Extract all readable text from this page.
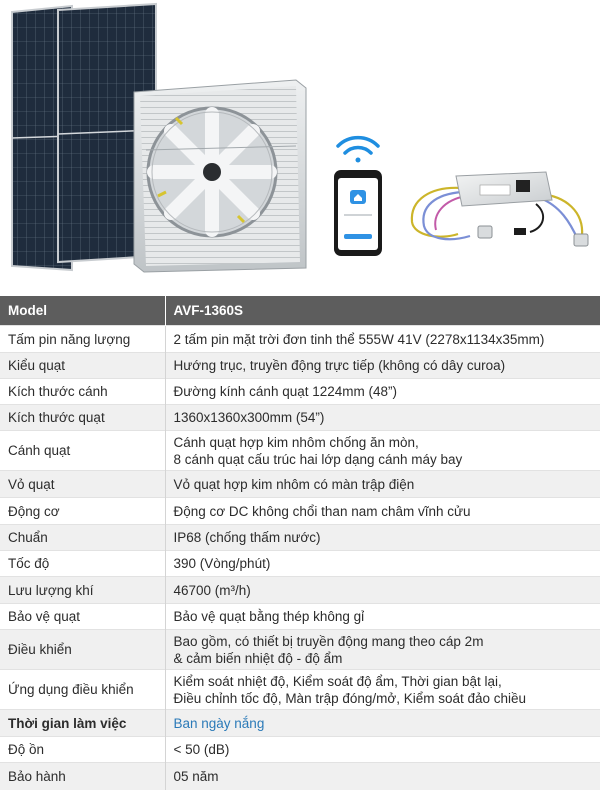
Model	AVF-1360S
Tấm pin năng lượng	2 tấm pin mặt trời đơn tinh thể 555W 41V (2278x1134x35mm)

Kiểu quạt	Hướng trục, truyền động trực tiếp (không có dây curoa)

Kích thước cánh	Đường kính cánh quạt 1224mm (48”)

Kích thước quạt	1360x1360x300mm (54”)

Cánh quạt	Cánh quạt hợp kim nhôm chống ăn mòn,
8 cánh quạt cấu trúc hai lớp dạng cánh máy bay

Vỏ quạt	Vỏ quạt hợp kim nhôm có màn trập điện

Động cơ	Động cơ DC không chổi than nam châm vĩnh cửu

Chuẩn	IP68 (chống thấm nước)

Tốc độ	390 (Vòng/phút)

Lưu lượng khí	46700 (m³/h)

Bảo vệ quạt	Bảo vệ quạt bằng thép không gỉ

Điều khiển	Bao gồm, có thiết bị truyền động mang theo cáp 2m
& cảm biến nhiệt độ - độ ẩm

Ứng dụng điều khiển	Kiểm soát nhiệt độ, Kiểm soát độ ẩm, Thời gian bật lại,
Điều chỉnh tốc độ, Màn trập đóng/mở, Kiểm soát đảo chiều

Thời gian làm việc	Ban ngày nắng

Độ ồn	< 50 (dB)

Bảo hành	05 năm
